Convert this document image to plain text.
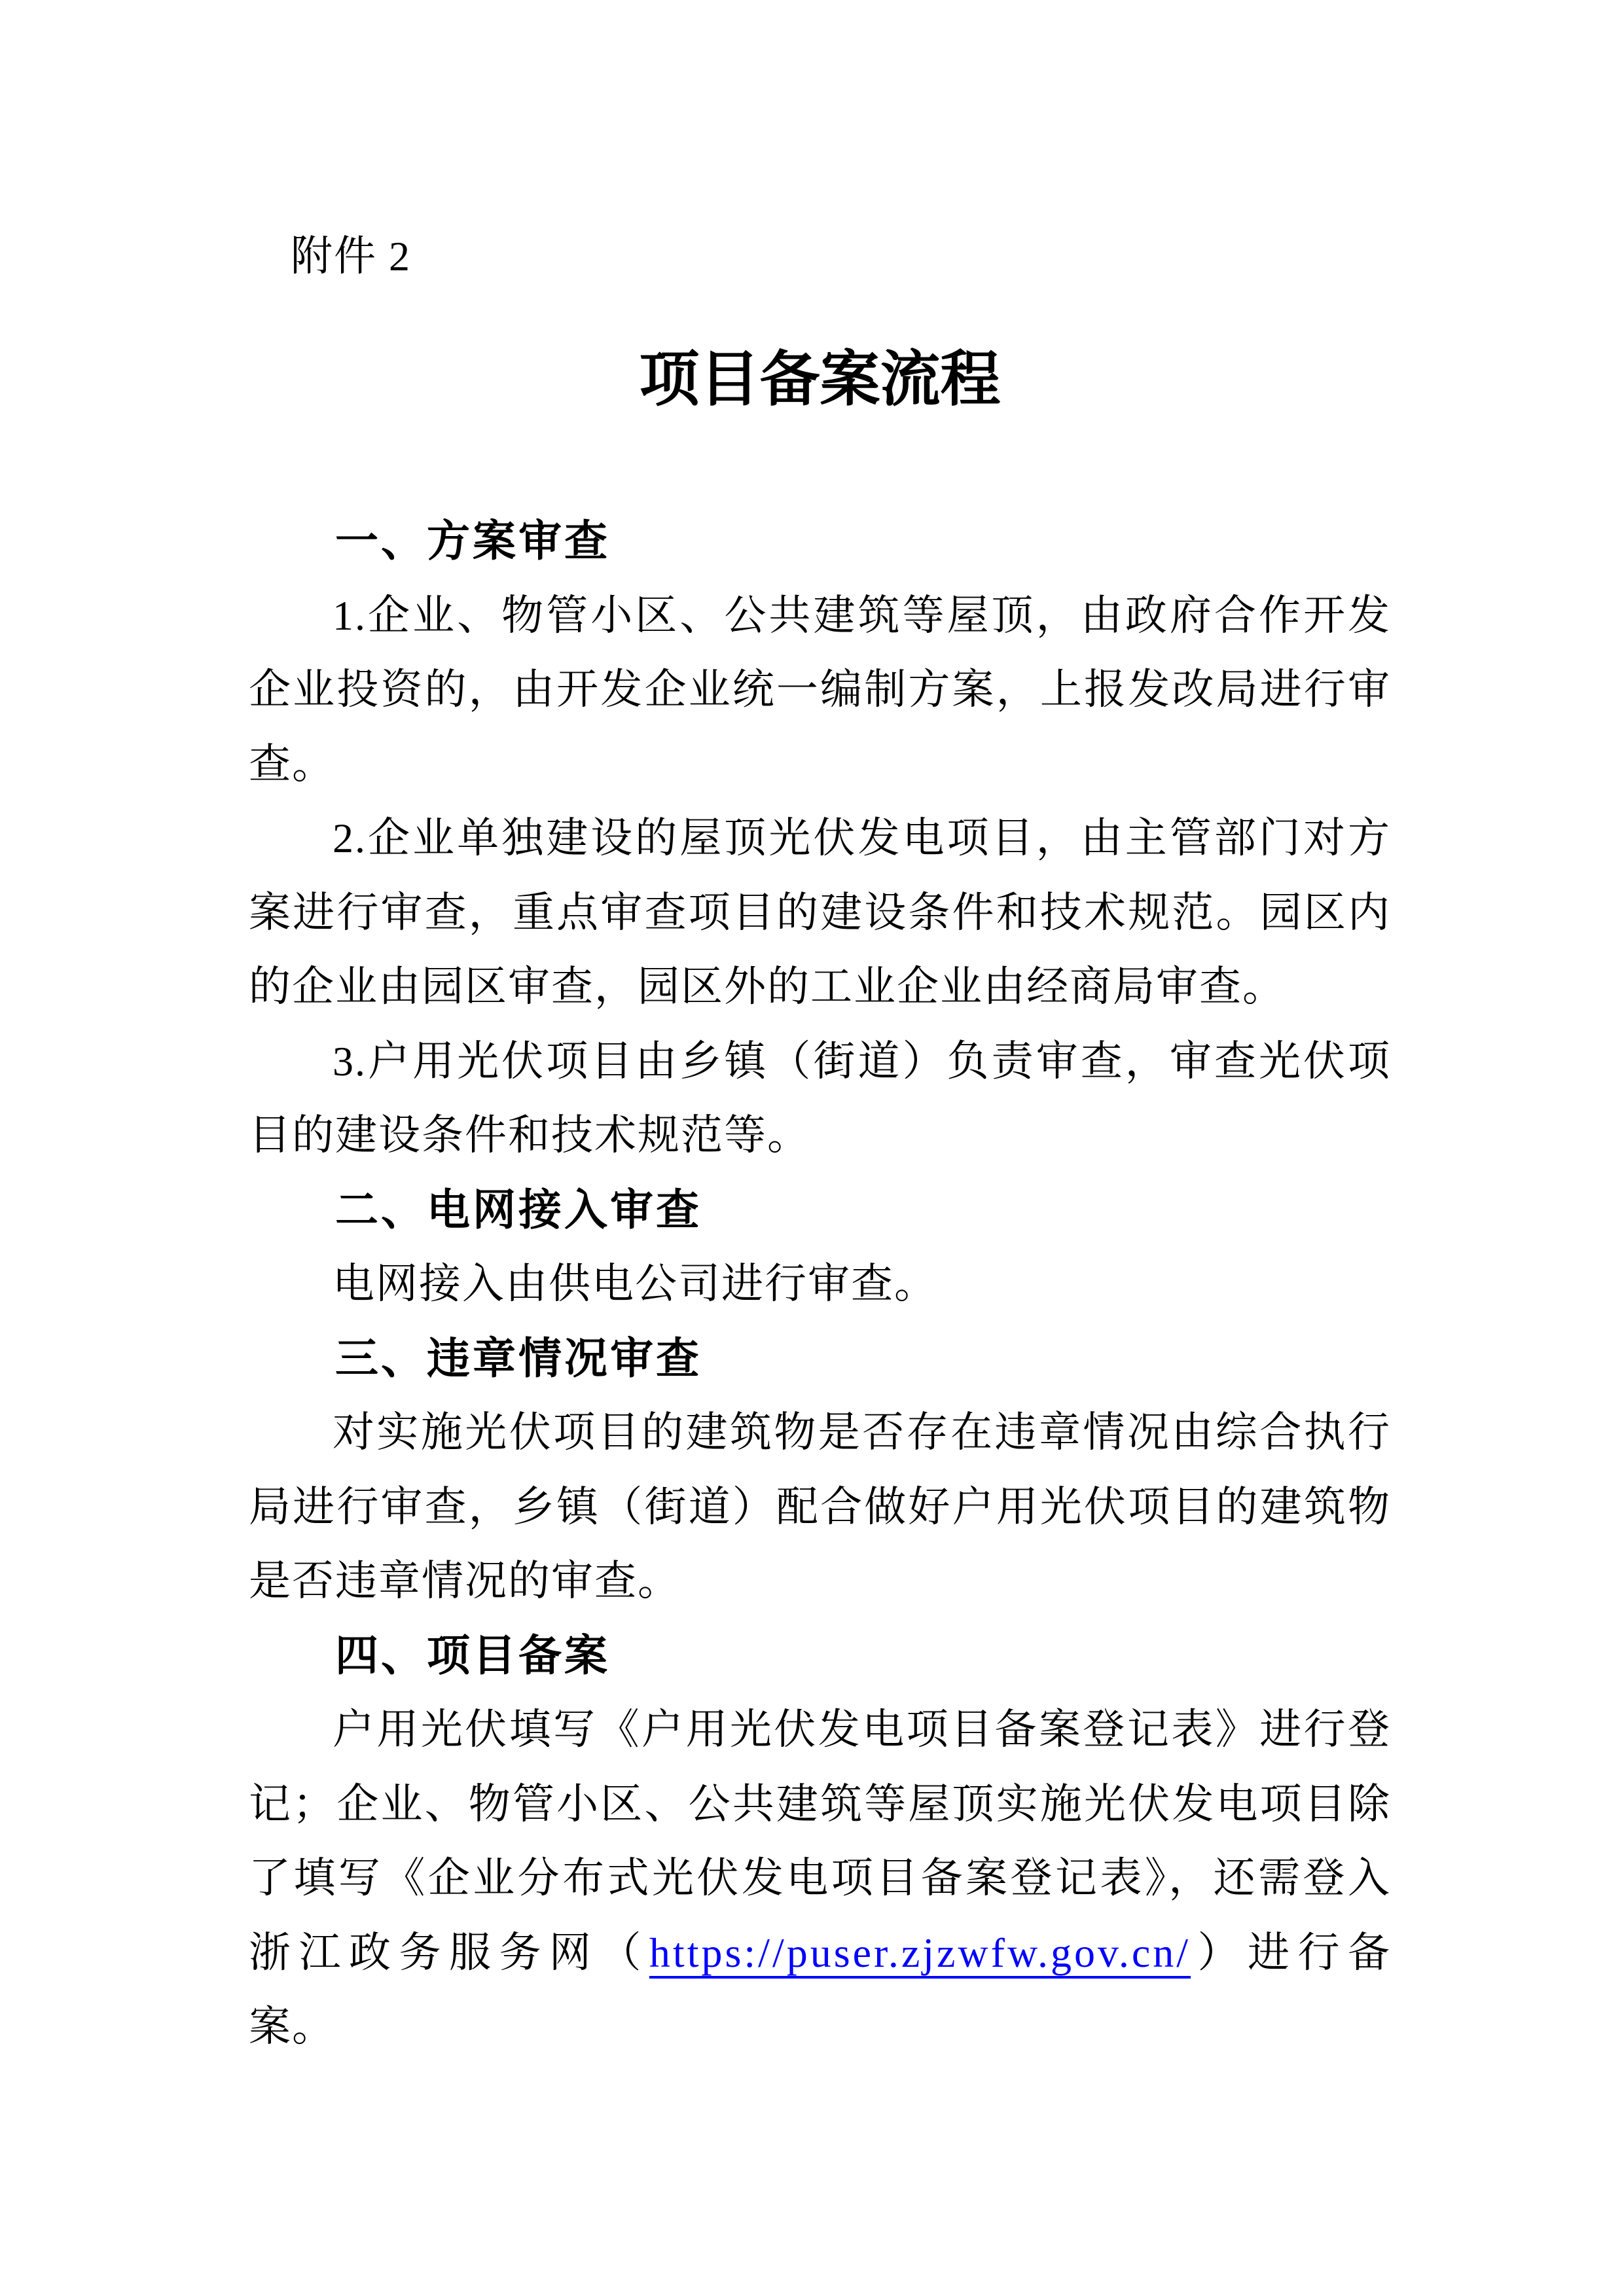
附件 2
项目备案流程
一、方案审查

1.企业、物管小区、公共建筑等屋顶，由政府合作开发企业投资的，由开发企业统一编制方案，上报发改局进行审查。

2.企业单独建设的屋顶光伏发电项目，由主管部门对方案进行审查，重点审查项目的建设条件和技术规范。园区内的企业由园区审查，园区外的工业企业由经商局审查。

3.户用光伏项目由乡镇（街道）负责审查，审查光伏项目的建设条件和技术规范等。

二、电网接入审查

电网接入由供电公司进行审查。

三、违章情况审查

对实施光伏项目的建筑物是否存在违章情况由综合执行局进行审查，乡镇（街道）配合做好户用光伏项目的建筑物是否违章情况的审查。

四、项目备案

户用光伏填写《户用光伏发电项目备案登记表》进行登记；企业、物管小区、公共建筑等屋顶实施光伏发电项目除了填写《企业分布式光伏发电项目备案登记表》，还需登入浙江政务服务网（https://puser.zjzwfw.gov.cn/）进行备案。
